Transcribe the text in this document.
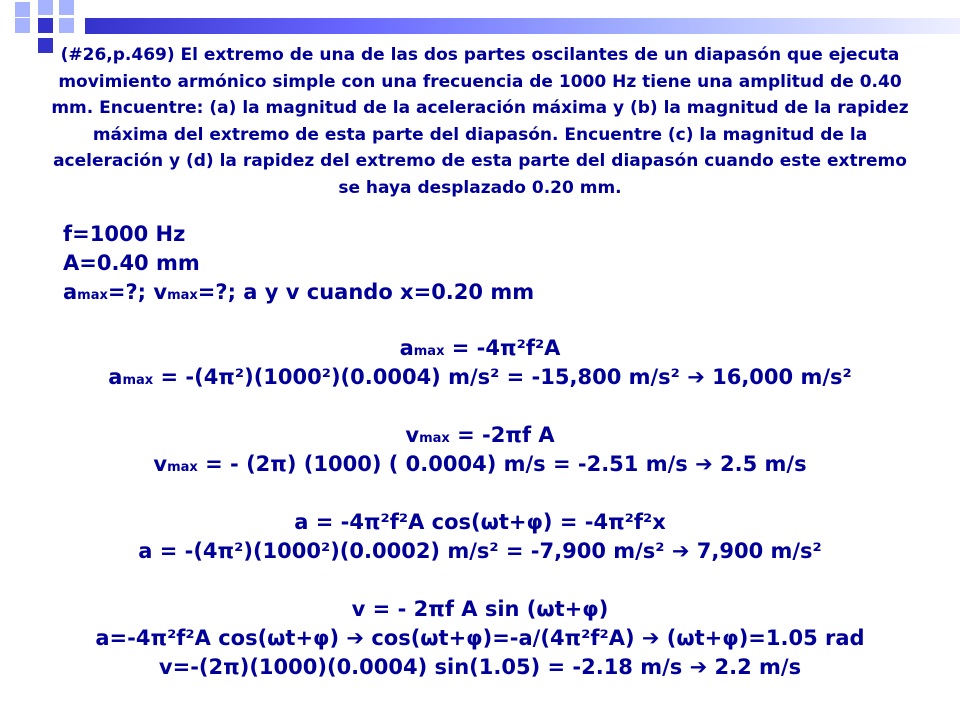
(#26,p.469) El extremo de una de las dos partes oscilantes de un diapasón que ejecuta movimiento armónico simple con una frecuencia de 1000 Hz tiene una amplitud de 0.40 mm. Encuentre: (a) la magnitud de la aceleración máxima y (b) la magnitud de la rapidez máxima del extremo de esta parte del diapasón. Encuentre (c) la magnitud de la aceleración y (d) la rapidez del extremo de esta parte del diapasón cuando este extremo se haya desplazado 0.20 mm.
f=1000 Hz
A=0.40 mm
amax=?; vmax=?; a y v cuando x=0.20 mm
amax = -4π²f²A
amax = -(4π²)(1000²)(0.0004) m/s² = -15,800 m/s² ➔ 16,000 m/s²
vmax = -2πf A
vmax = - (2π) (1000) ( 0.0004) m/s = -2.51 m/s ➔ 2.5 m/s
a = -4π²f²A cos(ωt+φ) = -4π²f²x
a = -(4π²)(1000²)(0.0002) m/s² = -7,900 m/s² ➔ 7,900 m/s²
v = - 2πf A sin (ωt+φ)
a=-4π²f²A cos(ωt+φ) ➔ cos(ωt+φ)=-a/(4π²f²A) ➔ (ωt+φ)=1.05 rad
v=-(2π)(1000)(0.0004) sin(1.05) = -2.18 m/s ➔ 2.2 m/s
